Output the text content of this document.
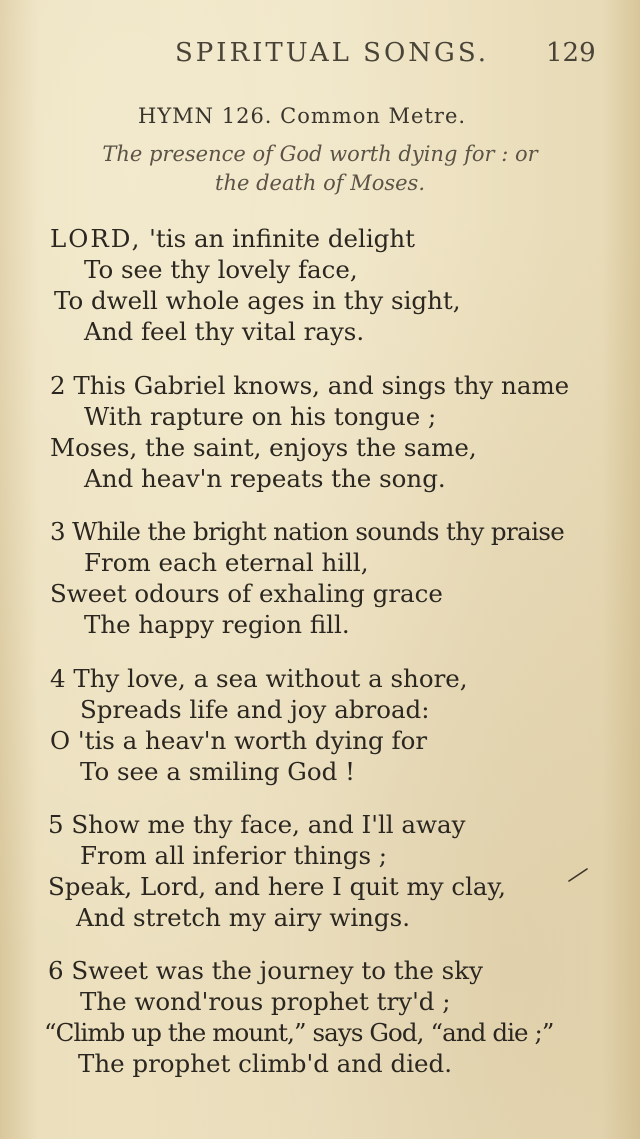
SPIRITUAL SONGS. 129
HYMN 126. Common Metre.
The presence of God worth dying for : or
the death of Moses.
LORD, 'tis an infinite delight
To see thy lovely face,
To dwell whole ages in thy sight,
And feel thy vital rays.
2 This Gabriel knows, and sings thy name
With rapture on his tongue ;
Moses, the saint, enjoys the same,
And heav'n repeats the song.
3 While the bright nation sounds thy praise
From each eternal hill,
Sweet odours of exhaling grace
The happy region fill.
4 Thy love, a sea without a shore,
Spreads life and joy abroad:
O 'tis a heav'n worth dying for
To see a smiling God !
5 Show me thy face, and I'll away
From all inferior things ;
Speak, Lord, and here I quit my clay,
And stretch my airy wings.
6 Sweet was the journey to the sky
The wond'rous prophet try'd ;
“Climb up the mount,” says God, “and die ;”
The prophet climb'd and died.
